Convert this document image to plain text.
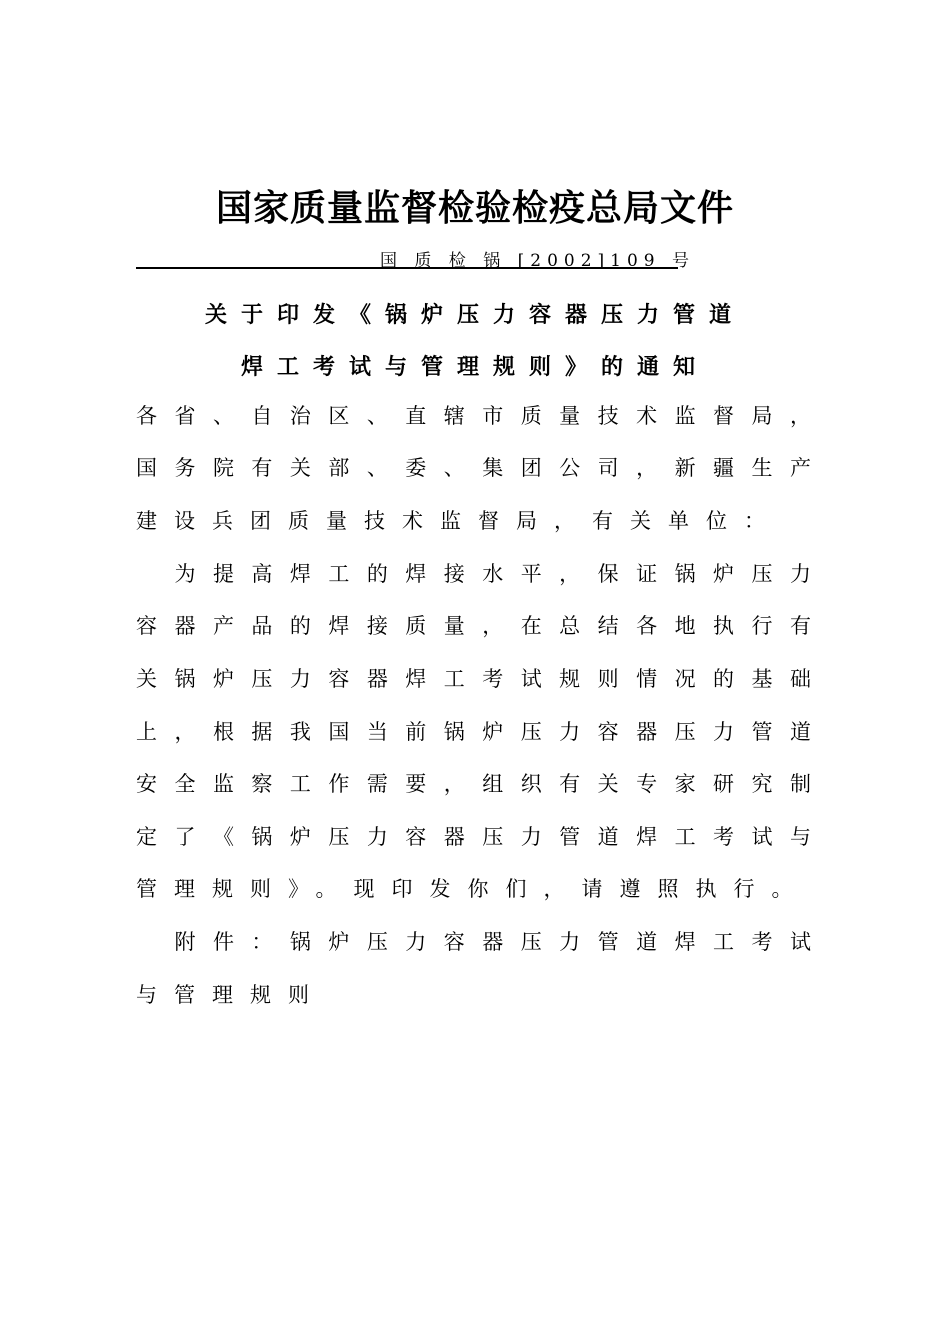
国家质量监督检验检疫总局文件
国 质 检 锅 [2002]109 号
关于印发《锅炉压力容器压力管道
焊工考试与管理规则》的通知
各 省 、 自 治 区 、 直 辖 市 质 量 技 术 监 督 局 ，
国 务 院 有 关 部 、 委 、 集 团 公 司 ， 新 疆 生 产
建设兵团质量技术监督局，有关单位：

为 提 高 焊 工 的 焊 接 水 平 ， 保 证 锅 炉 压 力
容 器 产 品 的 焊 接 质 量 ， 在 总 结 各 地 执 行 有
关 锅 炉 压 力 容 器 焊 工 考 试 规 则 情 况 的 基 础
上 ， 根 据 我 国 当 前 锅 炉 压 力 容 器 压 力 管 道
安 全 监 察 工 作 需 要 ， 组 织 有 关 专 家 研 究 制
定 了 《 锅 炉 压 力 容 器 压 力 管 道 焊 工 考 试 与
管理规则》。现印发你们，请遵照执行。

附 件 ： 锅 炉 压 力 容 器 压 力 管 道 焊 工 考 试
与管理规则
